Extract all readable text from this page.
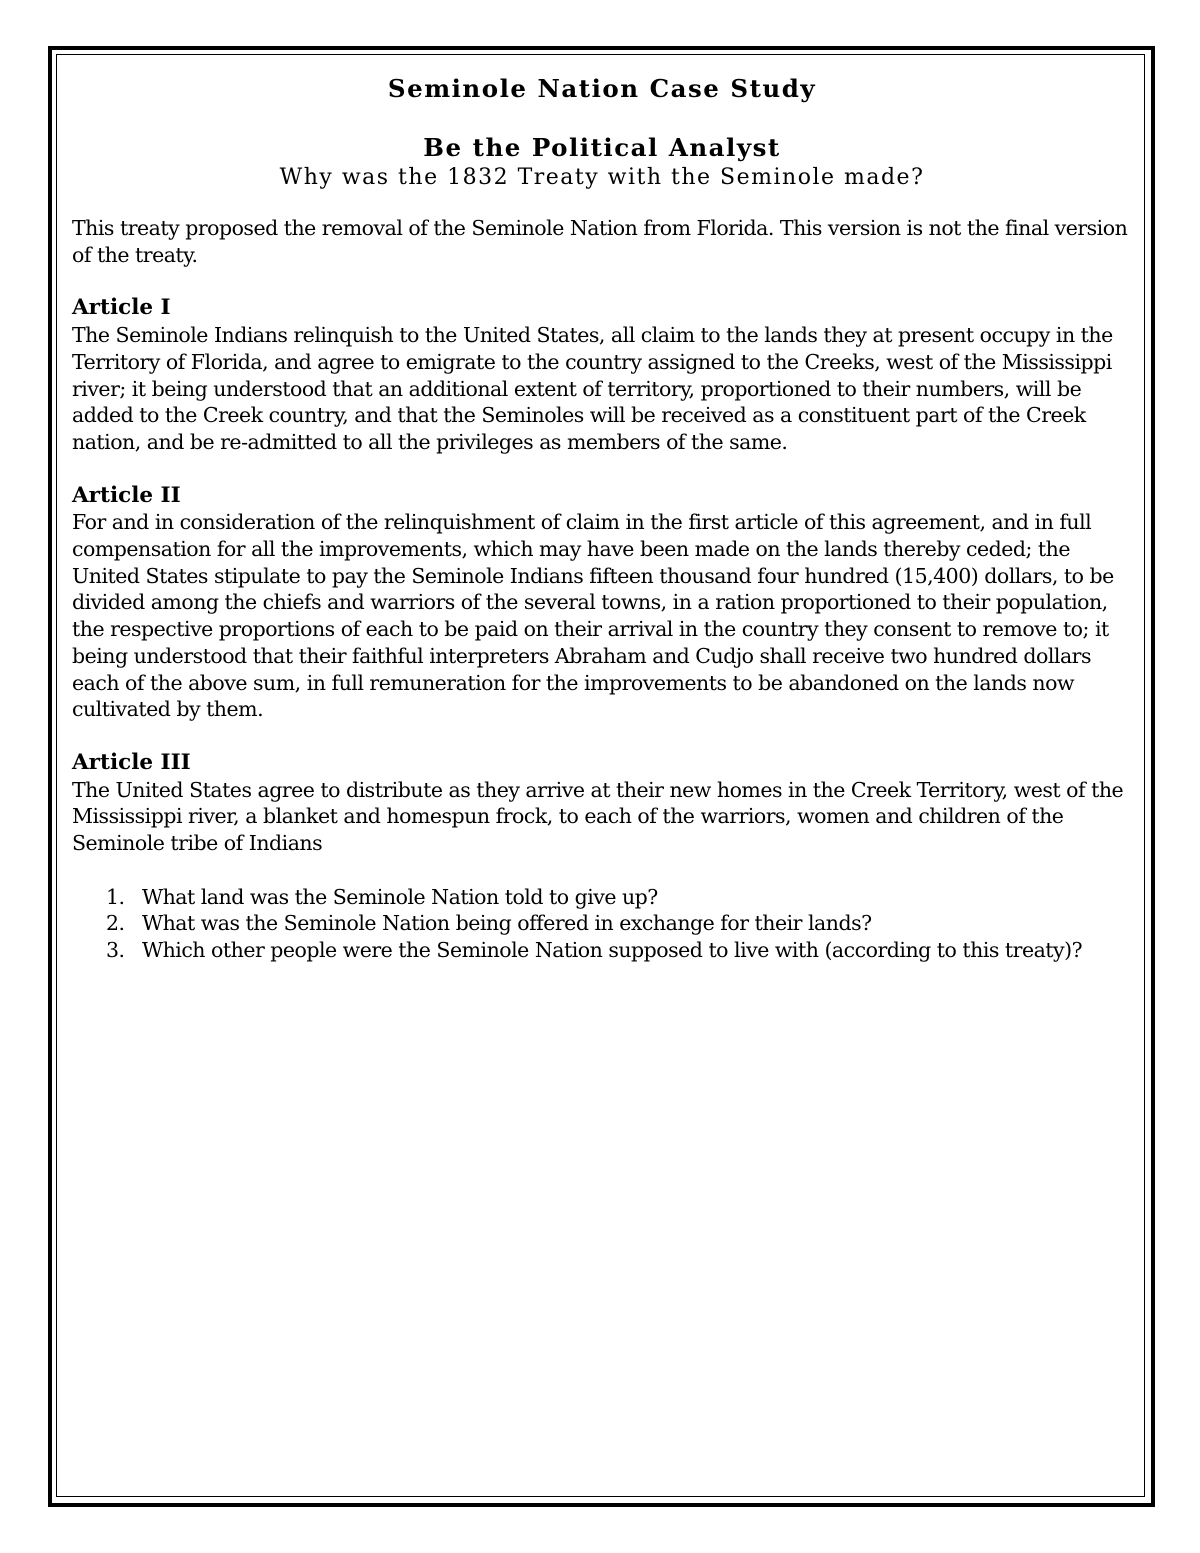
Seminole Nation Case Study
Be the Political Analyst

Why was the 1832 Treaty with the Seminole made?

This treaty proposed the removal of the Seminole Nation from Florida. This version is not the final version of the treaty.

Article I

The Seminole Indians relinquish to the United States, all claim to the lands they at present occupy in the Territory of Florida, and agree to emigrate to the country assigned to the Creeks, west of the Mississippi river; it being understood that an additional extent of territory, proportioned to their numbers, will be added to the Creek country, and that the Seminoles will be received as a constituent part of the Creek nation, and be re-admitted to all the privileges as members of the same.

Article II

For and in consideration of the relinquishment of claim in the first article of this agreement, and in full compensation for all the improvements, which may have been made on the lands thereby ceded; the United States stipulate to pay the Seminole Indians fifteen thousand four hundred (15,400) dollars, to be divided among the chiefs and warriors of the several towns, in a ration proportioned to their population, the respective proportions of each to be paid on their arrival in the country they consent to remove to; it being understood that their faithful interpreters Abraham and Cudjo shall receive two hundred dollars each of the above sum, in full remuneration for the improvements to be abandoned on the lands now cultivated by them.

Article III

The United States agree to distribute as they arrive at their new homes in the Creek Territory, west of the Mississippi river, a blanket and homespun frock, to each of the warriors, women and children of the Seminole tribe of Indians

1. What land was the Seminole Nation told to give up?
2. What was the Seminole Nation being offered in exchange for their lands?
3. Which other people were the Seminole Nation supposed to live with (according to this treaty)?
